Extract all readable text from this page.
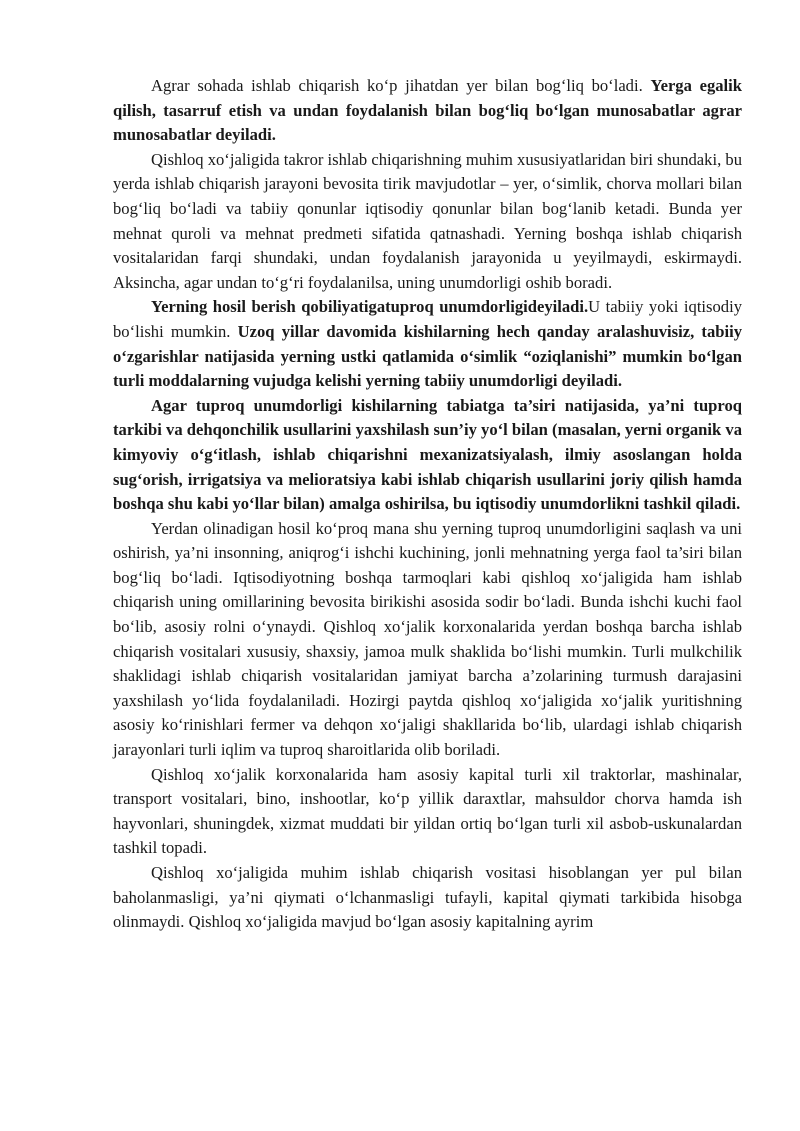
Agrar sohada ishlab chiqarish koʻp jihatdan yer bilan bogʻliq boʻladi. Yerga egalik qilish, tasarruf etish va undan foydalanish bilan bogʻliq boʻlgan munosabatlar agrar munosabatlar deyiladi.

Qishloq xoʻjaligida takror ishlab chiqarishning muhim xususiyatlaridan biri shundaki, bu yerda ishlab chiqarish jarayoni bevosita tirik mavjudotlar – yer, oʻsimlik, chorva mollari bilan bogʻliq boʻladi va tabiiy qonunlar iqtisodiy qonunlar bilan bogʻlanib ketadi. Bunda yer mehnat quroli va mehnat predmeti sifatida qatnashadi. Yerning boshqa ishlab chiqarish vositalaridan farqi shundaki, undan foydalanish jarayonida u yeyilmaydi, eskirmaydi. Aksincha, agar undan toʻgʻri foydalanilsa, uning unumdorligi oshib boradi.

Yerning hosil berish qobiliyatigatuproq unumdorligideyiladi.U tabiiy yoki iqtisodiy boʻlishi mumkin. Uzoq yillar davomida kishilarning hech qanday aralashuvisiz, tabiiy oʻzgarishlar natijasida yerning ustki qatlamida oʻsimlik “oziqlanishi” mumkin boʻlgan turli moddalarning vujudga kelishi yerning tabiiy unumdorligi deyiladi.

Agar tuproq unumdorligi kishilarning tabiatga ta’siri natijasida, ya’ni tuproq tarkibi va dehqonchilik usullarini yaxshilash sun’iy yoʻl bilan (masalan, yerni organik va kimyoviy oʻgʻitlash, ishlab chiqarishni mexanizatsiyalash, ilmiy asoslangan holda sugʻorish, irrigatsiya va melioratsiya kabi ishlab chiqarish usullarini joriy qilish hamda boshqa shu kabi yoʻllar bilan) amalga oshirilsa, bu iqtisodiy unumdorlikni tashkil qiladi.

Yerdan olinadigan hosil koʻproq mana shu yerning tuproq unumdorligini saqlash va uni oshirish, ya’ni insonning, aniqrogʻi ishchi kuchining, jonli mehnatning yerga faol ta’siri bilan bogʻliq boʻladi. Iqtisodiyotning boshqa tarmoqlari kabi qishloq xoʻjaligida ham ishlab chiqarish uning omillarining bevosita birikishi asosida sodir boʻladi. Bunda ishchi kuchi faol boʻlib, asosiy rolni oʻynaydi. Qishloq xoʻjalik korxonalarida yerdan boshqa barcha ishlab chiqarish vositalari xususiy, shaxsiy, jamoa mulk shaklida boʻlishi mumkin. Turli mulkchilik shaklidagi ishlab chiqarish vositalaridan jamiyat barcha a’zolarining turmush darajasini yaxshilash yoʻlida foydalaniladi. Hozirgi paytda qishloq xoʻjaligida xoʻjalik yuritishning asosiy koʻrinishlari fermer va dehqon xoʻjaligi shakllarida boʻlib, ulardagi ishlab chiqarish jarayonlari turli iqlim va tuproq sharoitlarida olib boriladi.

Qishloq xoʻjalik korxonalarida ham asosiy kapital turli xil traktorlar, mashinalar, transport vositalari, bino, inshootlar, koʻp yillik daraxtlar, mahsuldor chorva hamda ish hayvonlari, shuningdek, xizmat muddati bir yildan ortiq boʻlgan turli xil asbob-uskunalardan tashkil topadi.

Qishloq xoʻjaligida muhim ishlab chiqarish vositasi hisoblangan yer pul bilan baholanmasligi, ya’ni qiymati oʻlchanmasligi tufayli, kapital qiymati tarkibida hisobga olinmaydi. Qishloq xoʻjaligida mavjud boʻlgan asosiy kapitalning ayrim
